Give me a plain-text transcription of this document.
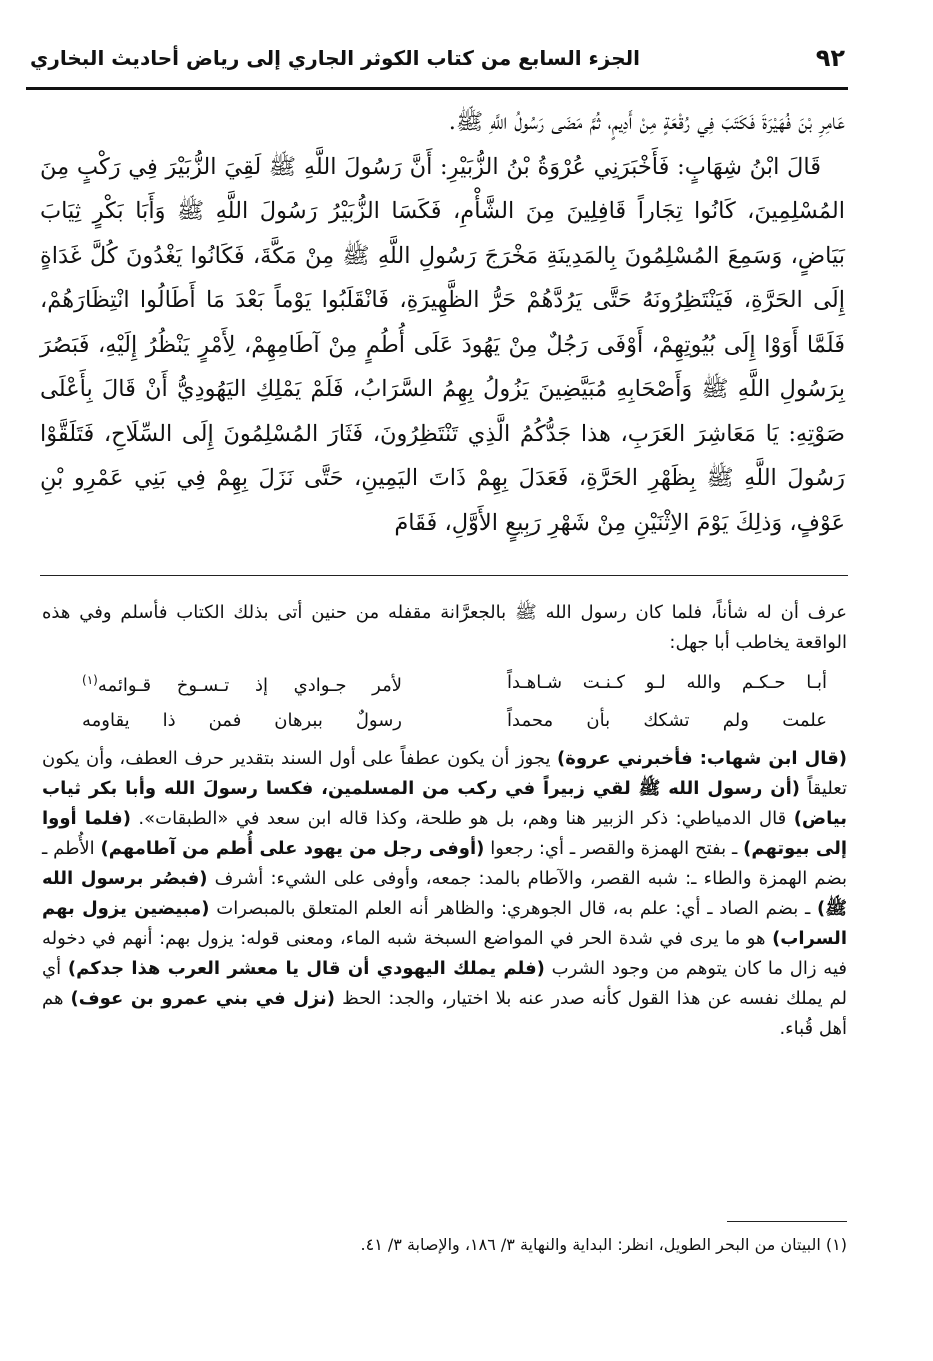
٩٢
الجزء السابع من كتاب الكوثر الجاري إلى رياض أحاديث البخاري

عَامِرِ بْنَ فُهَيْرَةَ فَكَتَبَ فِي رُقْعَةٍ مِنْ أَدِيمٍ، ثُمَّ مَضَى رَسُولُ اللَّهِ ﷺ.

قَالَ ابْنُ شِهَابٍ: فَأَخْبَرَنِي عُرْوَةُ بْنُ الزُّبَيْرِ: أَنَّ رَسُولَ اللَّهِ ﷺ لَقِيَ الزُّبَيْرَ فِي رَكْبٍ مِنَ المُسْلِمِينَ، كَانُوا تِجَاراً قَافِلِينَ مِنَ الشَّأْمِ، فَكَسَا الزُّبَيْرُ رَسُولَ اللَّهِ ﷺ وَأَبَا بَكْرٍ ثِيَابَ بَيَاضٍ، وَسَمِعَ المُسْلِمُونَ بِالمَدِينَةِ مَخْرَجَ رَسُولِ اللَّهِ ﷺ مِنْ مَكَّةَ، فَكَانُوا يَغْدُونَ كُلَّ غَدَاةٍ إِلَى الحَرَّةِ، فَيَنْتَظِرُونَهُ حَتَّى يَرُدَّهُمْ حَرُّ الظَّهِيرَةِ، فَانْقَلَبُوا يَوْماً بَعْدَ مَا أَطَالُوا انْتِظَارَهُمْ، فَلَمَّا أَوَوْا إِلَى بُيُوتِهِمْ، أَوْفَى رَجُلٌ مِنْ يَهُودَ عَلَى أُطُمٍ مِنْ آطَامِهِمْ، لِأَمْرٍ يَنْظُرُ إِلَيْهِ، فَبَصُرَ بِرَسُولِ اللَّهِ ﷺ وَأَصْحَابِهِ مُبَيَّضِينَ يَزُولُ بِهِمُ السَّرَابُ، فَلَمْ يَمْلِكِ اليَهُودِيُّ أَنْ قَالَ بِأَعْلَى صَوْتِهِ: يَا مَعَاشِرَ العَرَبِ، هذا جَدُّكُمُ الَّذِي تَنْتَظِرُونَ، فَثَارَ المُسْلِمُونَ إِلَى السِّلَاحِ، فَتَلَقَّوْا رَسُولَ اللَّهِ ﷺ بِظَهْرِ الحَرَّةِ، فَعَدَلَ بِهِمْ ذَاتَ اليَمِينِ، حَتَّى نَزَلَ بِهِمْ فِي بَنِي عَمْرِو بْنِ عَوْفٍ، وَذلِكَ يَوْمَ الاِثْنَيْنِ مِنْ شَهْرِ رَبِيعٍ الأَوَّلِ، فَقَامَ

عرف أن له شأناً، فلما كان رسول الله ﷺ بالجعرَّانة مقفله من حنين أتى بذلك الكتاب فأسلم وفي هذه الواقعة يخاطب أبا جهل:

أبـا حـكـم والله لـو كـنـت شـاهـداً
لأمر جـوادي إذ تـسـوخ قـوائمه$^{(١)}$
علمت ولم تشكك بأن محمداً
رسولٌ ببرهان فمن ذا يقاومه

(قال ابن شهاب: فأخبرني عروة) يجوز أن يكون عطفاً على أول السند بتقدير حرف العطف، وأن يكون تعليقاً (أن رسول الله ﷺ لقي زبيراً في ركب من المسلمين، فكسا رسولَ الله وأبا بكر ثياب بياض) قال الدمياطي: ذكر الزبير هنا وهم، بل هو طلحة، وكذا قاله ابن سعد في «الطبقات». (فلما أووا إلى بيوتهم) ـ بفتح الهمزة والقصر ـ أي: رجعوا (أوفى رجل من يهود على أُطم من آطامهم) الأُطم ـ بضم الهمزة والطاء ـ: شبه القصر، والآطام بالمد: جمعه، وأوفى على الشيء: أشرف (فبصُر برسول الله ﷺ) ـ بضم الصاد ـ أي: علم به، قال الجوهري: والظاهر أنه العلم المتعلق بالمبصرات (مبيضين يزول بهم السراب) هو ما يرى في شدة الحر في المواضع السبخة شبه الماء، ومعنى قوله: يزول بهم: أنهم في دخوله فيه زال ما كان يتوهم من وجود الشرب (فلم يملك اليهودي أن قال يا معشر العرب هذا جدكم) أي لم يملك نفسه عن هذا القول كأنه صدر عنه بلا اختيار، والجد: الحظ (نزل في بني عمرو بن عوف) هم أهل قُباء.

(١) البيتان من البحر الطويل، انظر: البداية والنهاية ٣/ ١٨٦، والإصابة ٣/ ٤١.
